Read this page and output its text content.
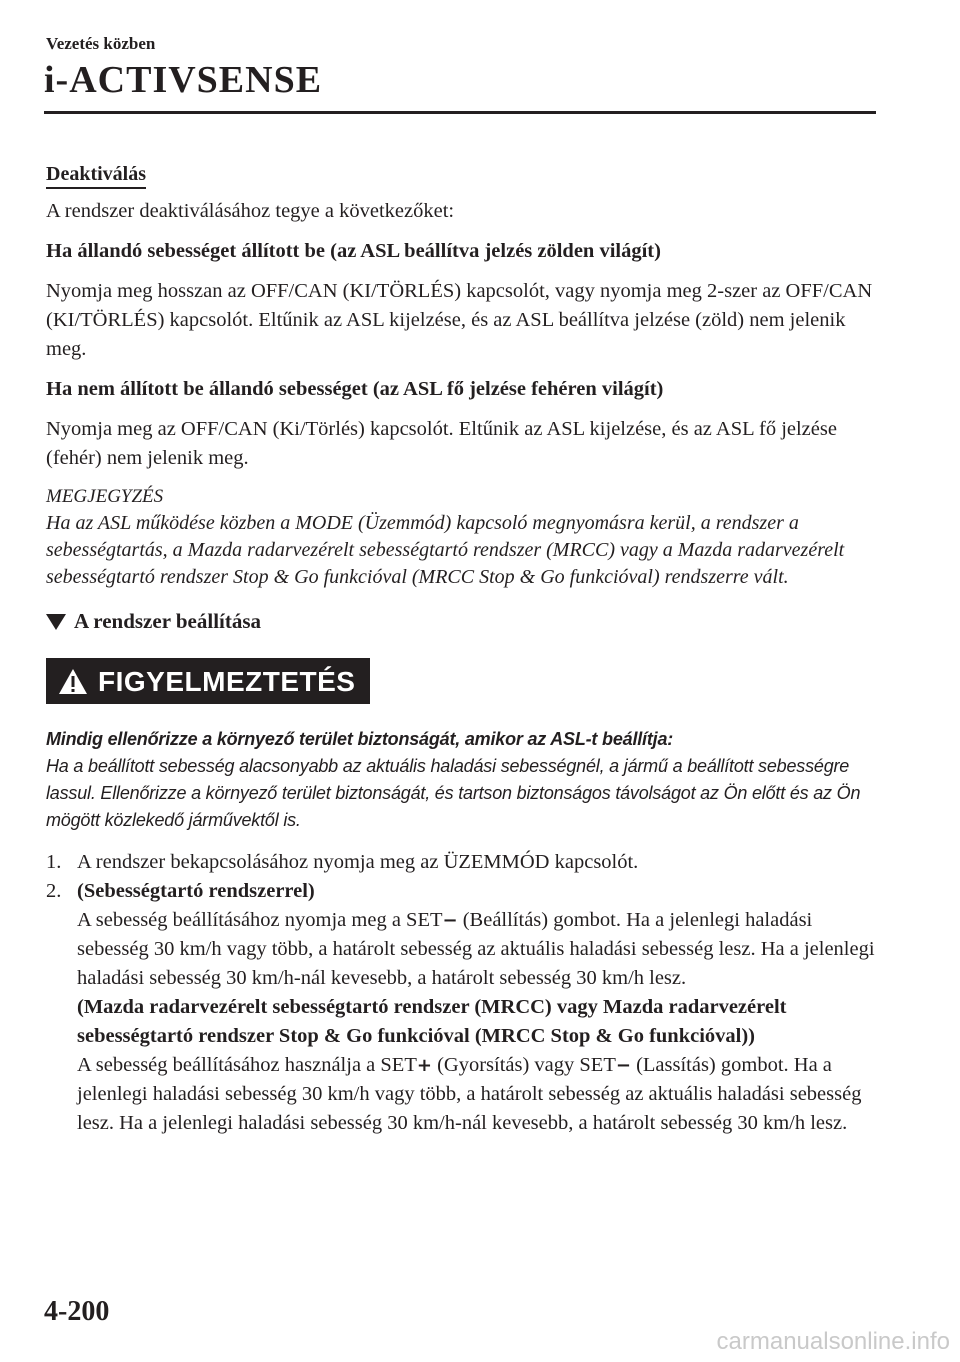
Vezetés közben
i-ACTIVSENSE
Deaktiválás

A rendszer deaktiválásához tegye a következőket:

Ha állandó sebességet állított be (az ASL beállítva jelzés zölden világít)

Nyomja meg hosszan az OFF/CAN (KI/TÖRLÉS) kapcsolót, vagy nyomja meg 2-szer az OFF/CAN (KI/TÖRLÉS) kapcsolót. Eltűnik az ASL kijelzése, és az ASL beállítva jelzése (zöld) nem jelenik meg.

Ha nem állított be állandó sebességet (az ASL fő jelzése fehéren világít)

Nyomja meg az OFF/CAN (Ki/Törlés) kapcsolót. Eltűnik az ASL kijelzése, és az ASL fő jelzése (fehér) nem jelenik meg.

MEGJEGYZÉS

Ha az ASL működése közben a MODE (Üzemmód) kapcsoló megnyomásra kerül, a rendszer a sebességtartás, a Mazda radarvezérelt sebességtartó rendszer (MRCC) vagy a Mazda radarvezérelt sebességtartó rendszer Stop & Go funkcióval (MRCC Stop & Go funkcióval) rendszerre vált.

A rendszer beállítása
FIGYELMEZTETÉS

Mindig ellenőrizze a környező terület biztonságát, amikor az ASL-t beállítja:

Ha a beállított sebesség alacsonyabb az aktuális haladási sebességnél, a jármű a beállított sebességre lassul. Ellenőrizze a környező terület biztonságát, és tartson biztonságos távolságot az Ön előtt és az Ön mögött közlekedő járművektől is.

1. A rendszer bekapcsolásához nyomja meg az ÜZEMMÓD kapcsolót.
2. (Sebességtartó rendszerrel)

A sebesség beállításához nyomja meg a SET− (Beállítás) gombot. Ha a jelenlegi haladási sebesség 30 km/h vagy több, a határolt sebesség az aktuális haladási sebesség lesz. Ha a jelenlegi haladási sebesség 30 km/h-nál kevesebb, a határolt sebesség 30 km/h lesz.

(Mazda radarvezérelt sebességtartó rendszer (MRCC) vagy Mazda radarvezérelt sebességtartó rendszer Stop & Go funkcióval (MRCC Stop & Go funkcióval))

A sebesség beállításához használja a SET+ (Gyorsítás) vagy SET− (Lassítás) gombot. Ha a jelenlegi haladási sebesség 30 km/h vagy több, a határolt sebesség az aktuális haladási sebesség lesz. Ha a jelenlegi haladási sebesség 30 km/h-nál kevesebb, a határolt sebesség 30 km/h lesz.

4-200
carmanualsonline.info
